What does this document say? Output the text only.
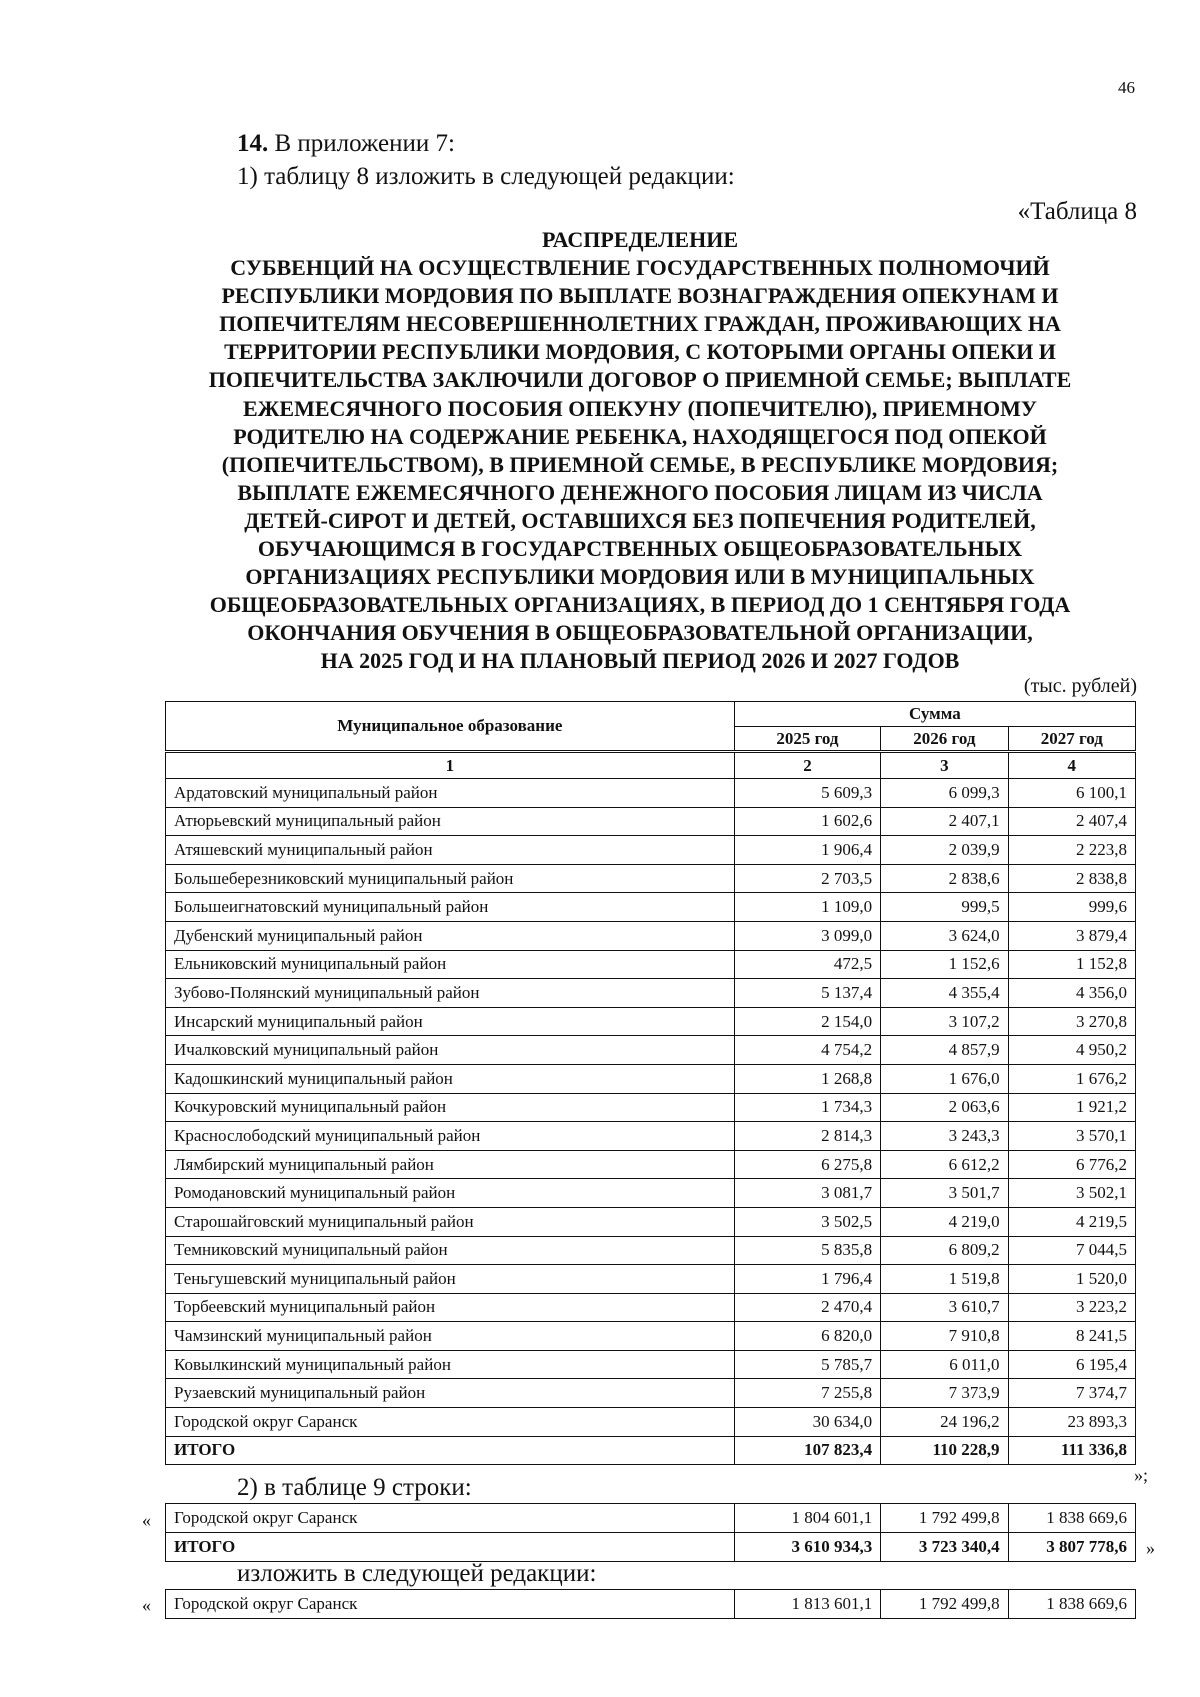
46
14. В приложении 7:
1) таблицу 8 изложить в следующей редакции:
«Таблица 8
РАСПРЕДЕЛЕНИЕ
СУБВЕНЦИЙ НА ОСУЩЕСТВЛЕНИЕ ГОСУДАРСТВЕННЫХ ПОЛНОМОЧИЙ
РЕСПУБЛИКИ МОРДОВИЯ ПО ВЫПЛАТЕ ВОЗНАГРАЖДЕНИЯ ОПЕКУНАМ И
ПОПЕЧИТЕЛЯМ НЕСОВЕРШЕННОЛЕТНИХ ГРАЖДАН, ПРОЖИВАЮЩИХ НА
ТЕРРИТОРИИ РЕСПУБЛИКИ МОРДОВИЯ, С КОТОРЫМИ ОРГАНЫ ОПЕКИ И
ПОПЕЧИТЕЛЬСТВА ЗАКЛЮЧИЛИ ДОГОВОР О ПРИЕМНОЙ СЕМЬЕ; ВЫПЛАТЕ
ЕЖЕМЕСЯЧНОГО ПОСОБИЯ ОПЕКУНУ (ПОПЕЧИТЕЛЮ), ПРИЕМНОМУ
РОДИТЕЛЮ НА СОДЕРЖАНИЕ РЕБЕНКА, НАХОДЯЩЕГОСЯ ПОД ОПЕКОЙ
(ПОПЕЧИТЕЛЬСТВОМ), В ПРИЕМНОЙ СЕМЬЕ, В РЕСПУБЛИКЕ МОРДОВИЯ;
ВЫПЛАТЕ ЕЖЕМЕСЯЧНОГО ДЕНЕЖНОГО ПОСОБИЯ ЛИЦАМ ИЗ ЧИСЛА
ДЕТЕЙ-СИРОТ И ДЕТЕЙ, ОСТАВШИХСЯ БЕЗ ПОПЕЧЕНИЯ РОДИТЕЛЕЙ,
ОБУЧАЮЩИМСЯ В ГОСУДАРСТВЕННЫХ ОБЩЕОБРАЗОВАТЕЛЬНЫХ
ОРГАНИЗАЦИЯХ РЕСПУБЛИКИ МОРДОВИЯ ИЛИ В МУНИЦИПАЛЬНЫХ
ОБЩЕОБРАЗОВАТЕЛЬНЫХ ОРГАНИЗАЦИЯХ, В ПЕРИОД ДО 1 СЕНТЯБРЯ ГОДА
ОКОНЧАНИЯ ОБУЧЕНИЯ В ОБЩЕОБРАЗОВАТЕЛЬНОЙ ОРГАНИЗАЦИИ,
НА 2025 ГОД И НА ПЛАНОВЫЙ ПЕРИОД 2026 И 2027 ГОДОВ
(тыс. рублей)
Муниципальное образование	Сумма		
	2025 год	2026 год	2027 год
1	2	3	4
Ардатовский муниципальный район	5 609,3	6 099,3	6 100,1
Атюрьевский муниципальный район	1 602,6	2 407,1	2 407,4
Атяшевский муниципальный район	1 906,4	2 039,9	2 223,8
Большеберезниковский муниципальный район	2 703,5	2 838,6	2 838,8
Большеигнатовский муниципальный район	1 109,0	999,5	999,6
Дубенский муниципальный район	3 099,0	3 624,0	3 879,4
Ельниковский муниципальный район	472,5	1 152,6	1 152,8
Зубово-Полянский муниципальный район	5 137,4	4 355,4	4 356,0
Инсарский муниципальный район	2 154,0	3 107,2	3 270,8
Ичалковский муниципальный район	4 754,2	4 857,9	4 950,2
Кадошкинский муниципальный район	1 268,8	1 676,0	1 676,2
Кочкуровский муниципальный район	1 734,3	2 063,6	1 921,2
Краснослободский муниципальный район	2 814,3	3 243,3	3 570,1
Лямбирский муниципальный район	6 275,8	6 612,2	6 776,2
Ромодановский муниципальный район	3 081,7	3 501,7	3 502,1
Старошайговский муниципальный район	3 502,5	4 219,0	4 219,5
Темниковский муниципальный район	5 835,8	6 809,2	7 044,5
Теньгушевский муниципальный район	1 796,4	1 519,8	1 520,0
Торбеевский муниципальный район	2 470,4	3 610,7	3 223,2
Чамзинский муниципальный район	6 820,0	7 910,8	8 241,5
Ковылкинский муниципальный район	5 785,7	6 011,0	6 195,4
Рузаевский муниципальный район	7 255,8	7 373,9	7 374,7
Городской округ Саранск	30 634,0	24 196,2	23 893,3
ИТОГО	107 823,4	110 228,9	111 336,8
»;
2) в таблице 9 строки:
« Городской округ Саранск	1 804 601,1	1 792 499,8	1 838 669,6
ИТОГО	3 610 934,3	3 723 340,4	3 807 778,6 »
изложить в следующей редакции:
« Городской округ Саранск	1 813 601,1	1 792 499,8	1 838 669,6
